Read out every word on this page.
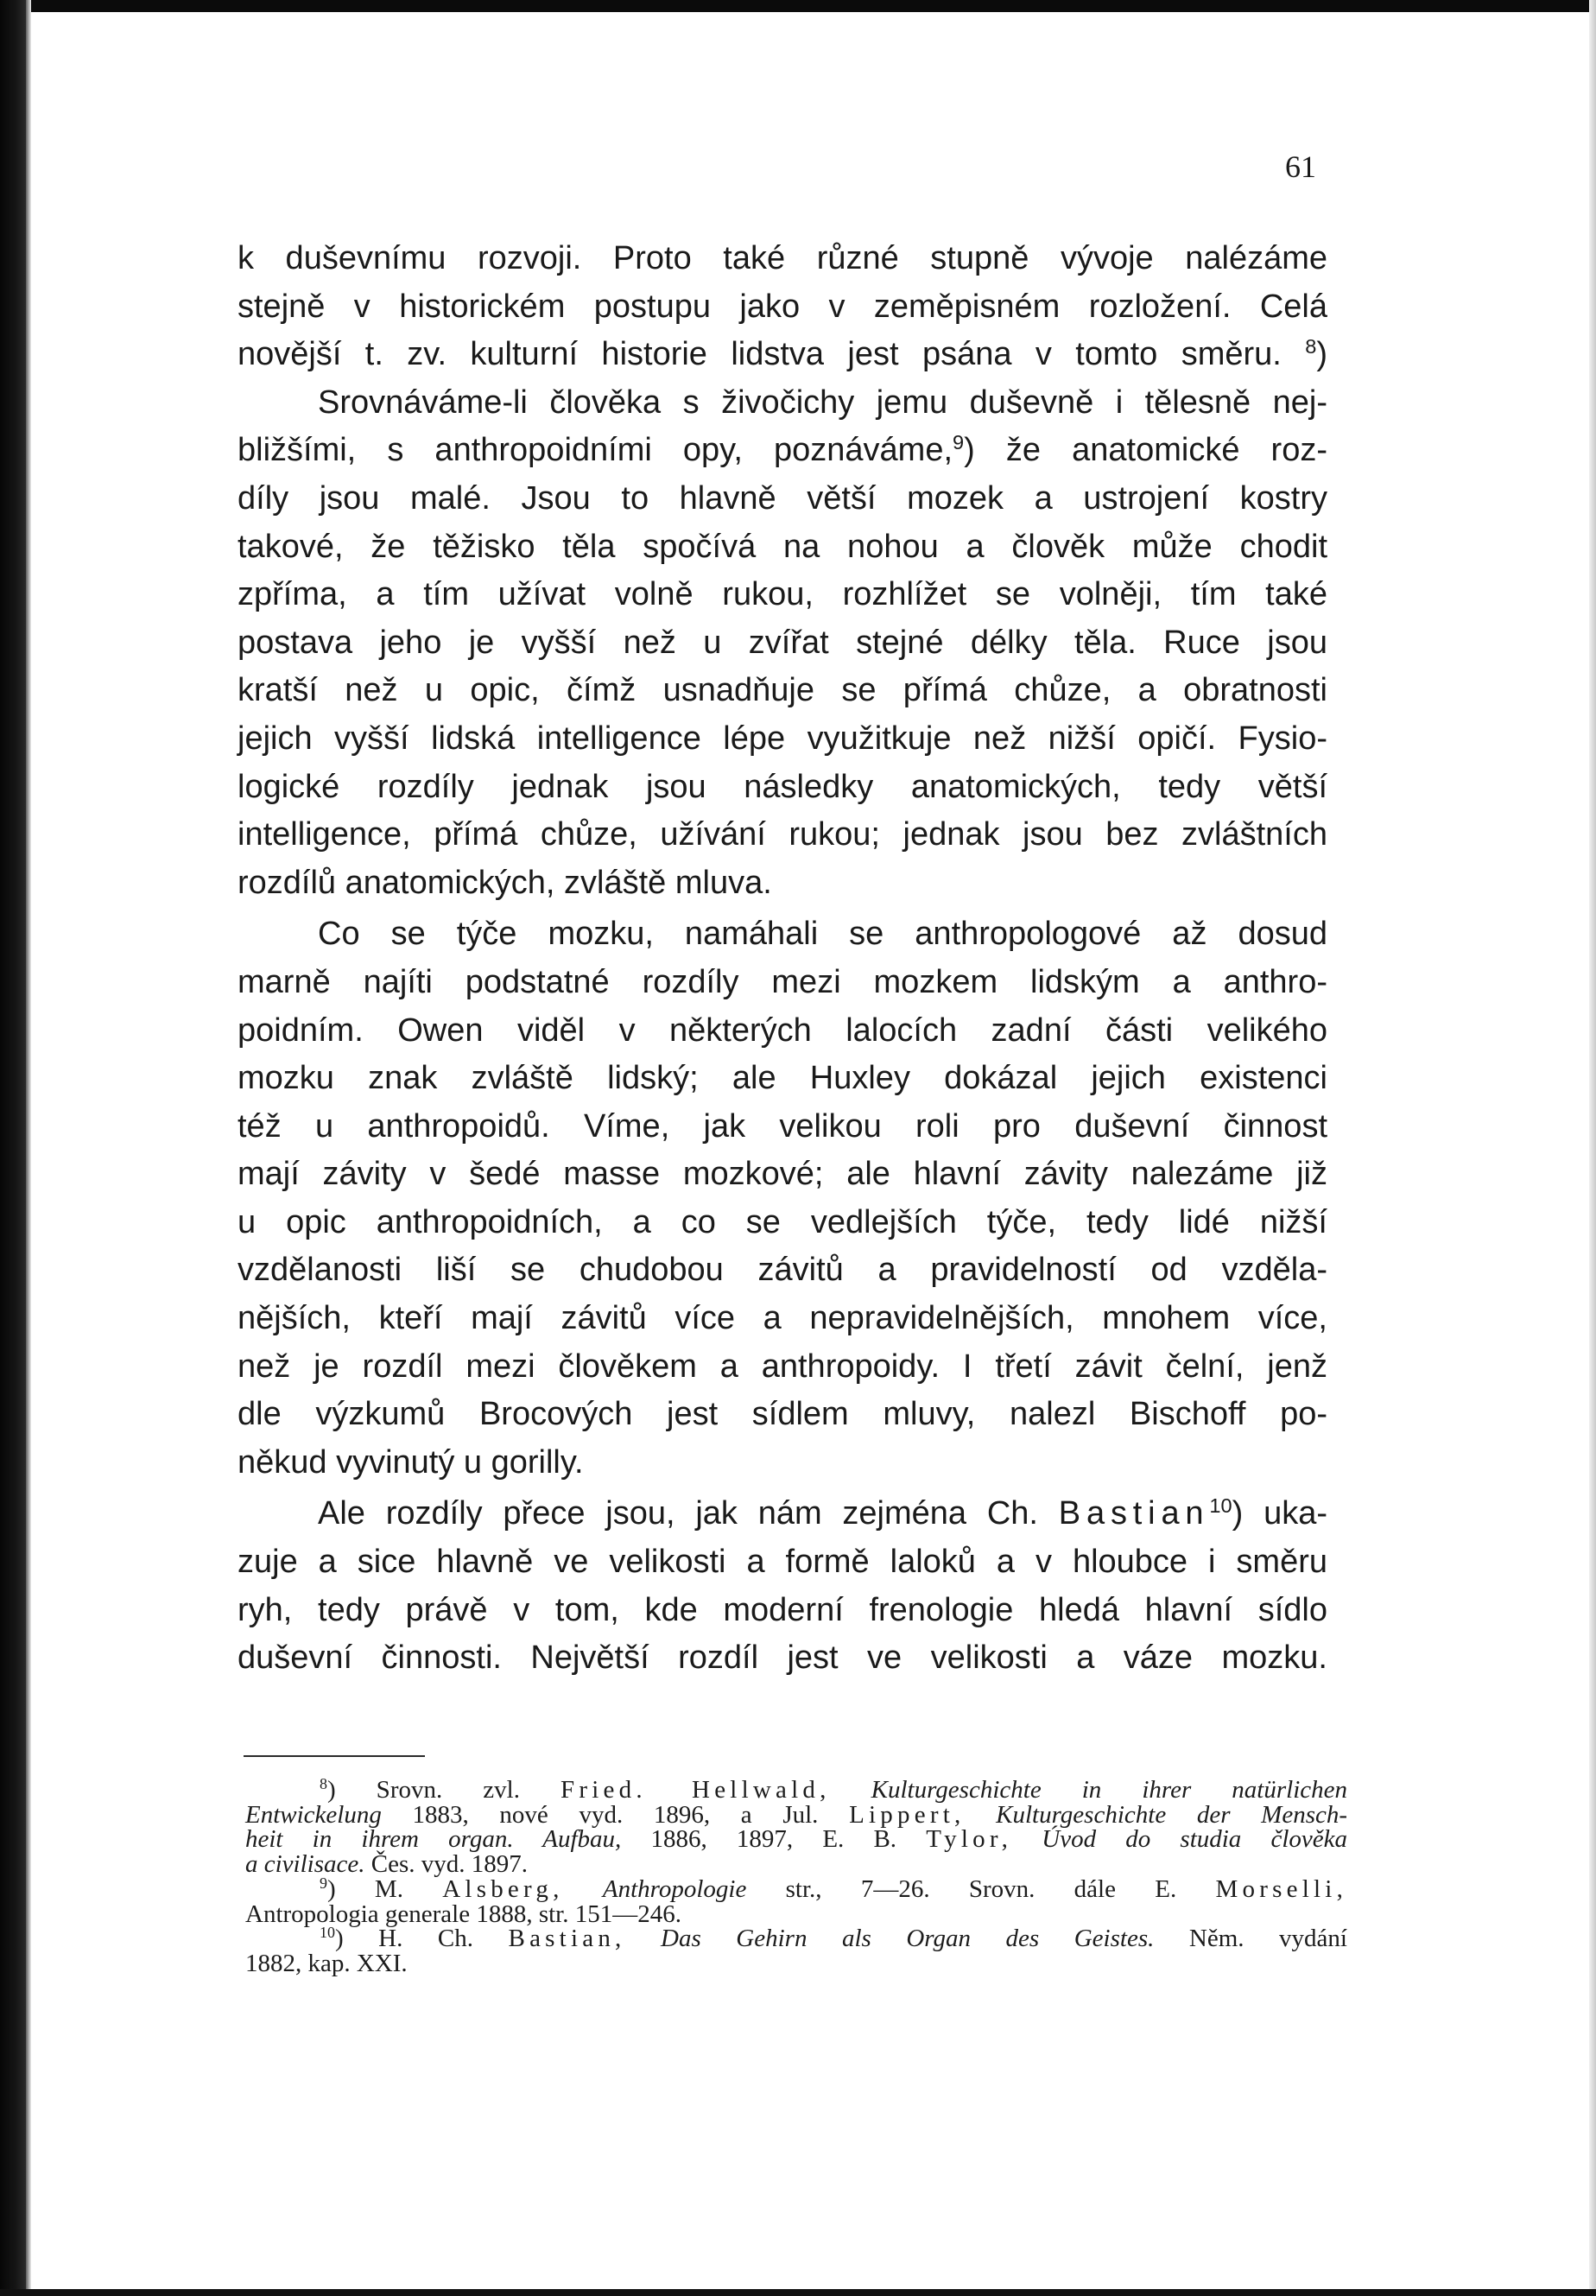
61
k duševnímu rozvoji. Proto také různé stupně vývoje nalézáme
stejně v historickém postupu jako v zeměpisném rozložení. Celá
novější t. zv. kulturní historie lidstva jest psána v tomto směru. $^8$)
Srovnáváme-li člověka s živočichy jemu duševně i tělesně nej-
bližšími, s anthropoidními opy, poznáváme,$^9$) že anatomické roz-
díly jsou malé. Jsou to hlavně větší mozek a ustrojení kostry
takové, že těžisko těla spočívá na nohou a člověk může chodit
zpříma, a tím užívat volně rukou, rozhlížet se volněji, tím také
postava jeho je vyšší než u zvířat stejné délky těla. Ruce jsou
kratší než u opic, čímž usnadňuje se přímá chůze, a obratnosti
jejich vyšší lidská intelligence lépe využitkuje než nižší opičí. Fysio-
logické rozdíly jednak jsou následky anatomických, tedy větší
intelligence, přímá chůze, užívání rukou; jednak jsou bez zvláštních
rozdílů anatomických, zvláště mluva.
Co se týče mozku, namáhali se anthropologové až dosud
marně najíti podstatné rozdíly mezi mozkem lidským a anthro-
poidním. Owen viděl v některých lalocích zadní části velikého
mozku znak zvláště lidský; ale Huxley dokázal jejich existenci
též u anthropoidů. Víme, jak velikou roli pro duševní činnost
mají závity v šedé masse mozkové; ale hlavní závity nalezáme již
u opic anthropoidních, a co se vedlejších týče, tedy lidé nižší
vzdělanosti liší se chudobou závitů a pravidelností od vzděla-
nějších, kteří mají závitů více a nepravidelnějších, mnohem více,
než je rozdíl mezi člověkem a anthropoidy. I třetí závit čelní, jenž
dle výzkumů Brocových jest sídlem mluvy, nalezl Bischoff po-
někud vyvinutý u gorilly.
Ale rozdíly přece jsou, jak nám zejména Ch. Bastian$^{10}$) uka-
zuje a sice hlavně ve velikosti a formě laloků a v hloubce i směru
ryh, tedy právě v tom, kde moderní frenologie hledá hlavní sídlo
duševní činnosti. Největší rozdíl jest ve velikosti a váze mozku.
$^8$) Srovn. zvl. Fried. Hellwald, Kulturgeschichte in ihrer natürlichen
Entwickelung 1883, nové vyd. 1896, a Jul. Lippert, Kulturgeschichte der Mensch-
heit in ihrem organ. Aufbau, 1886, 1897, E. B. Tylor, Úvod do studia člověka
a civilisace. Čes. vyd. 1897.
$^9$) M. Alsberg, Anthropologie str., 7—26. Srovn. dále E. Morselli,
Antropologia generale 1888, str. 151—246.
$^{10}$) H. Ch. Bastian, Das Gehirn als Organ des Geistes. Něm. vydání
1882, kap. XXI.
